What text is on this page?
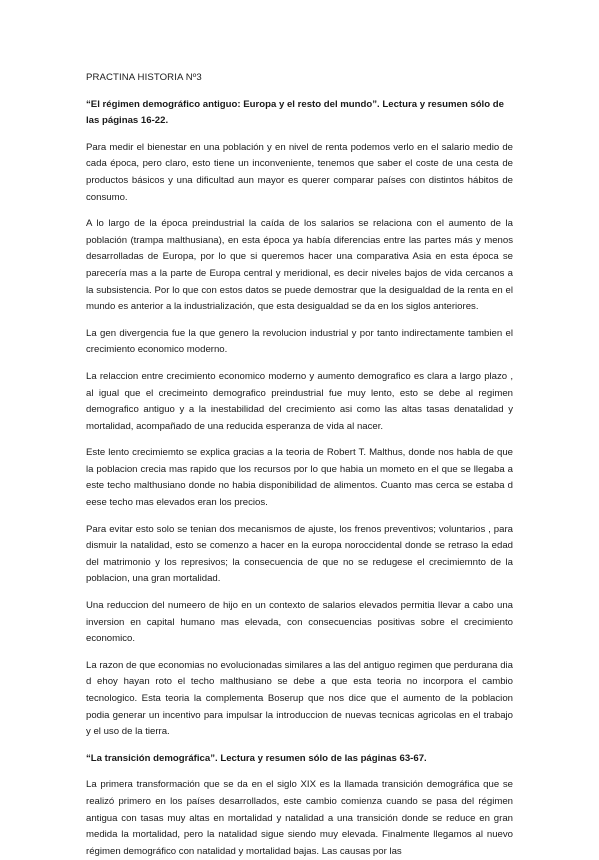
PRACTINA HISTORIA Nº3
“El régimen demográfico antiguo: Europa y el resto del mundo”. Lectura y resumen sólo de las páginas 16-22.
Para medir el bienestar en una población y en nivel de renta podemos verlo en el salario medio de cada época, pero claro, esto tiene un inconveniente, tenemos que saber el coste de una cesta de productos básicos y una dificultad aun mayor es querer comparar países con distintos hábitos de consumo.
A lo largo de la época preindustrial la caída de los salarios se relaciona con el aumento de la población (trampa malthusiana), en esta época ya había diferencias entre las partes más y menos desarrolladas de Europa, por lo que si queremos hacer una comparativa Asia en esta época se parecería mas a la parte de Europa central y meridional, es decir niveles bajos de vida cercanos a la subsistencia. Por lo que con estos datos se puede demostrar que la desigualdad de la renta en el mundo es anterior a la industrialización, que esta desigualdad se da en los siglos anteriores.
La gen divergencia fue la que genero la revolucion industrial y por tanto indirectamente tambien el crecimiento economico moderno.
La relaccion entre crecimiento economico moderno y aumento demografico es clara a largo plazo , al igual que el crecimeinto demografico preindustrial fue muy lento, esto se debe al regimen demografico antiguo y a la inestabilidad del crecimiento asi como las altas tasas denatalidad y mortalidad, acompañado de una reducida esperanza de vida al nacer.
Este lento crecimiemto se explica gracias a la teoria de Robert T. Malthus, donde nos habla de que la poblacion crecia mas rapido que los recursos por lo que habia un mometo en el que se llegaba a este techo malthusiano donde no habia disponibilidad de alimentos. Cuanto mas cerca se estaba d eese techo mas elevados eran los precios.
Para evitar esto solo se tenian dos mecanismos de ajuste, los frenos preventivos; voluntarios , para dismuir la natalidad, esto se comenzo a hacer en la europa noroccidental donde se retraso la edad del matrimonio y los represivos; la consecuencia de que no se redugese el crecimiemnto de la poblacion, una gran mortalidad.
Una reduccion del numeero de hijo en un contexto de salarios elevados permitia llevar a cabo una inversion en capital humano mas elevada, con consecuencias positivas sobre el crecimiento economico.
La razon de que economias no evolucionadas similares a las del antiguo regimen que perdurana dia d ehoy hayan roto el techo malthusiano se debe a que esta teoria no incorpora el cambio tecnologico. Esta teoria la complementa Boserup que nos dice que el aumento de la poblacion podia generar un incentivo para impulsar la introduccion de nuevas tecnicas agricolas en el trabajo y el uso de la tierra.
“La transición demográfica”. Lectura y resumen sólo de las páginas 63-67.
La primera transformación que se da en el siglo XIX es la llamada transición demográfica que se realizó primero en los países desarrollados, este cambio comienza cuando se pasa del régimen antigua con tasas muy altas en mortalidad y natalidad a una transición donde se reduce en gran medida la mortalidad, pero la natalidad sigue siendo muy elevada. Finalmente llegamos al nuevo régimen demográfico con natalidad y mortalidad bajas. Las causas por las
